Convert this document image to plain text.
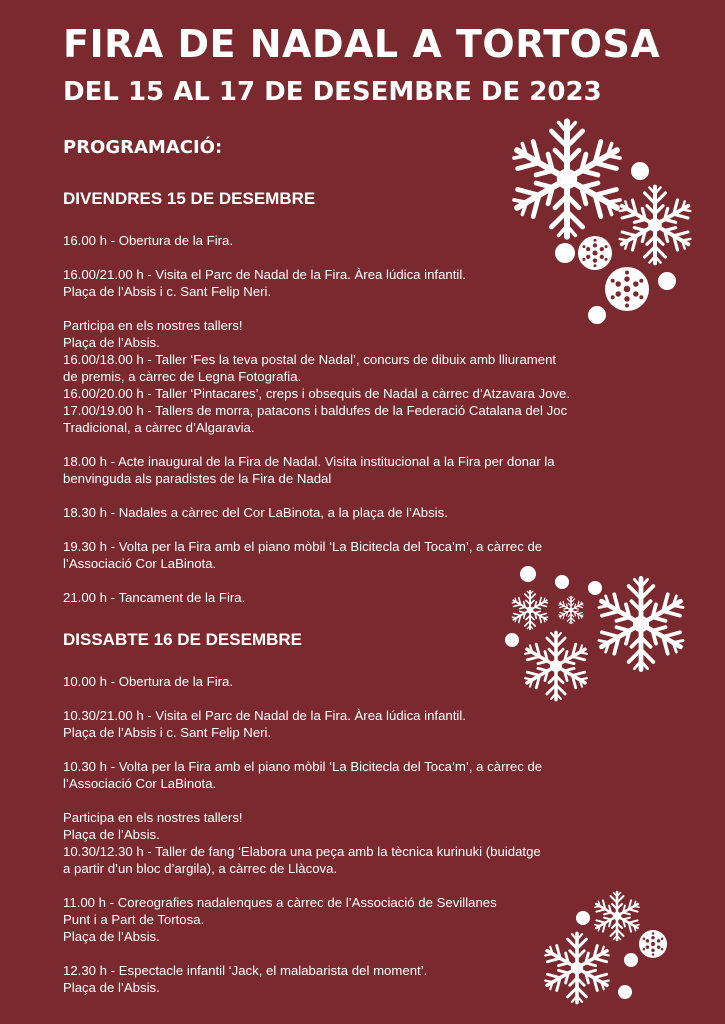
FIRA DE NADAL A TORTOSA
DEL 15 AL 17 DE DESEMBRE DE 2023
PROGRAMACIÓ:
DIVENDRES 15 DE DESEMBRE
16.00 h - Obertura de la Fira.
16.00/21.00 h - Visita el Parc de Nadal de la Fira. Àrea lúdica infantil.
Plaça de l’Absis i c. Sant Felip Neri.
Participa en els nostres tallers!
Plaça de l’Absis.
16.00/18.00 h - Taller ‘Fes la teva postal de Nadal’, concurs de dibuix amb lliurament
de premis, a càrrec de Legna Fotografia.
16.00/20.00 h - Taller ‘Pintacares’, creps i obsequis de Nadal a càrrec d’Atzavara Jove.
17.00/19.00 h - Tallers de morra, patacons i baldufes de la Federació Catalana del Joc
Tradicional, a càrrec d’Algaravia.
18.00 h - Acte inaugural de la Fira de Nadal. Visita institucional a la Fira per donar la
benvinguda als paradistes de la Fira de Nadal
18.30 h - Nadales a càrrec del Cor LaBinota, a la plaça de l’Absis.
19.30 h - Volta per la Fira amb el piano mòbil ‘La Bicitecla del Toca’m’, a càrrec de
l’Associació Cor LaBinota.
21.00 h - Tancament de la Fira.
DISSABTE 16 DE DESEMBRE
10.00 h - Obertura de la Fira.
10.30/21.00 h - Visita el Parc de Nadal de la Fira. Àrea lúdica infantil.
Plaça de l’Absis i c. Sant Felip Neri.
10.30 h - Volta per la Fira amb el piano mòbil ‘La Bicitecla del Toca’m’, a càrrec de
l’Associació Cor LaBinota.
Participa en els nostres tallers!
Plaça de l’Absis.
10.30/12.30 h - Taller de fang ‘Elabora una peça amb la tècnica kurinuki (buidatge
a partir d’un bloc d’argila), a càrrec de Llàcova.
11.00 h - Coreografies nadalenques a càrrec de l’Associació de Sevillanes
Punt i a Part de Tortosa.
Plaça de l’Absis.
12.30 h - Espectacle infantil ‘Jack, el malabarista del moment’.
Plaça de l’Absis.
